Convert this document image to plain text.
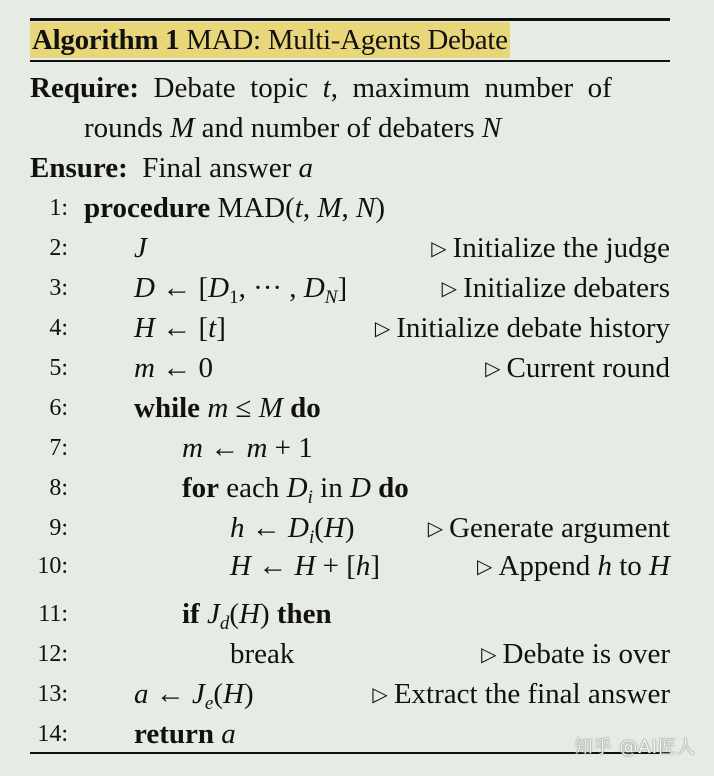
Algorithm 1 MAD: Multi-Agents Debate
Require:  Debate  topic  t,  maximum  number  of
rounds M and number of debaters N
Ensure:  Final answer a
1: procedure MAD(t, M, N)
2: J	▷ Initialize the judge
3: D ← [$D_1$, ··· , $D_N$]	▷ Initialize debaters
4: H ← [t]	▷ Initialize debate history
5: m ← 0	▷ Current round
6: while m ≤ M do
7:	m ← m + 1
8:	for each $D_i$ in D do
9:	h ← $D_i(H)$	▷ Generate argument
10:	H ← H + [h]	▷ Append h to H
11:	if $J_d(H)$ then
12:	break	▷ Debate is over
13: a ← $J_e(H)$	▷ Extract the final answer
14: return a	知乎 @AI匠人
